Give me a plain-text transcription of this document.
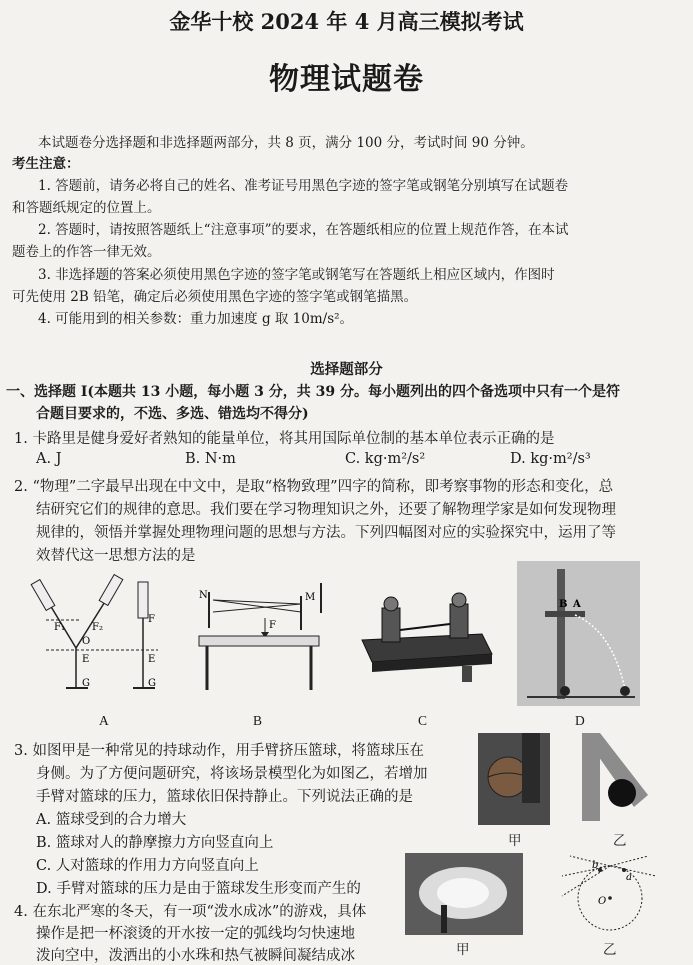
金华十校 2024 年 4 月高三模拟考试
物理试题卷
本试题卷分选择题和非选择题两部分，共 8 页，满分 100 分，考试时间 90 分钟。
考生注意：
1. 答题前，请务必将自己的姓名、准考证号用黑色字迹的签字笔或钢笔分别填写在试题卷
和答题纸规定的位置上。
2. 答题时，请按照答题纸上“注意事项”的要求，在答题纸相应的位置上规范作答，在本试
题卷上的作答一律无效。
3. 非选择题的答案必须使用黑色字迹的签字笔或钢笔写在答题纸上相应区域内，作图时
可先使用 2B 铅笔，确定后必须使用黑色字迹的签字笔或钢笔描黑。
4. 可能用到的相关参数：重力加速度 g 取 10m/s²。
选择题部分
一、选择题 Ⅰ(本题共 13 小题，每小题 3 分，共 39 分。每小题列出的四个备选项中只有一个是符
合题目要求的，不选、多选、错选均不得分)
1. 卡路里是健身爱好者熟知的能量单位，将其用国际单位制的基本单位表示正确的是
A. J	B. N·m	C. kg·m²/s²	D. kg·m²/s³
2. “物理”二字最早出现在中文中，是取“格物致理”四字的简称，即考察事物的形态和变化，总
结研究它们的规律的意思。我们要在学习物理知识之外，还要了解物理学家是如何发现物理
规律的，领悟并掌握处理物理问题的思想与方法。下列四幅图对应的实验探究中，运用了等
效替代这一思想方法的是
F₁	F₂
F
O
E	E
G	G
N	M
F
B A
A	B	C	D
3. 如图甲是一种常见的持球动作，用手臂挤压篮球，将篮球压在
身侧。为了方便问题研究，将该场景模型化为如图乙，若增加
手臂对篮球的压力，篮球依旧保持静止。下列说法正确的是
A. 篮球受到的合力增大
B. 篮球对人的静摩擦力方向竖直向上
C. 人对篮球的作用力方向竖直向上
D. 手臂对篮球的压力是由于篮球发生形变而产生的
甲	乙
4. 在东北严寒的冬天，有一项“泼水成冰”的游戏，具体
操作是把一杯滚烫的开水按一定的弧线均匀快速地
泼向空中，泼洒出的小水珠和热气被瞬间凝结成冰	甲
b
a
O
乙
